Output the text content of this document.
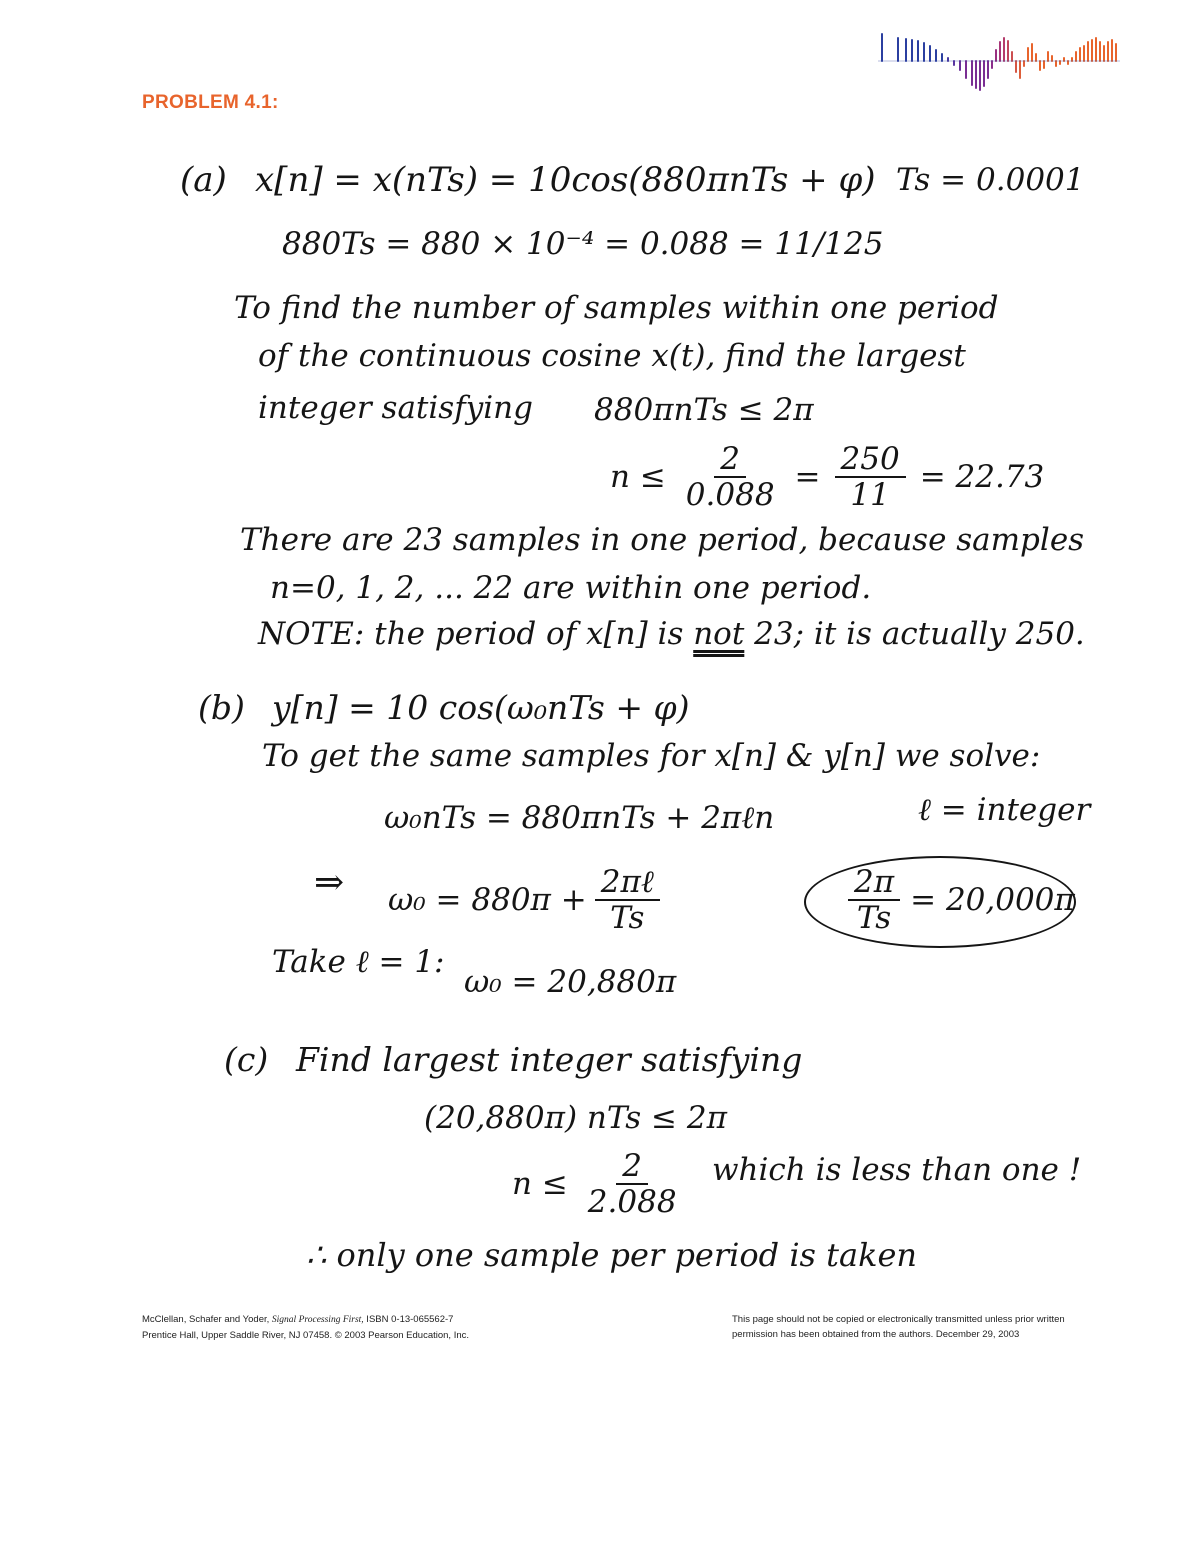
PROBLEM 4.1:
(a) x[n] = x(nTs) = 10cos(880πnTs + φ) Ts = 0.0001
880Ts = 880 × 10⁻⁴ = 0.088 = 11/125
To find the number of samples within one period
of the continuous cosine x(t), find the largest
integer satisfying 880πnTs ≤ 2π
$n \le \frac{2}{0.088} = \frac{250}{11} = 22.73$
There are 23 samples in one period, because samples
n=0, 1, 2, ... 22 are within one period.
NOTE: the period of x[n] is not 23; it is actually 250.
(b) y[n] = 10 cos(ω₀nTs + φ)
To get the same samples for x[n] & y[n] we solve:
ω₀nTs = 880πnTs + 2πℓn	ℓ = integer
⇒ $\omega_0 = 880\pi + \frac{\text{2πℓ}}{Ts}$	$\frac{2\pi}{Ts} = 20,000\pi$
Take ℓ = 1:
ω₀ = 20,880π
(c) Find largest integer satisfying
(20,880π) nTs ≤ 2π
$n \le \frac{2}{2.088}$ which is less than one !
∴ only one sample per period is taken
McClellan, Schafer and Yoder, Signal Processing First, ISBN 0-13-065562-7
Prentice Hall, Upper Saddle River, NJ 07458. © 2003 Pearson Education, Inc.
This page should not be copied or electronically transmitted unless prior written
permission has been obtained from the authors. December 29, 2003
